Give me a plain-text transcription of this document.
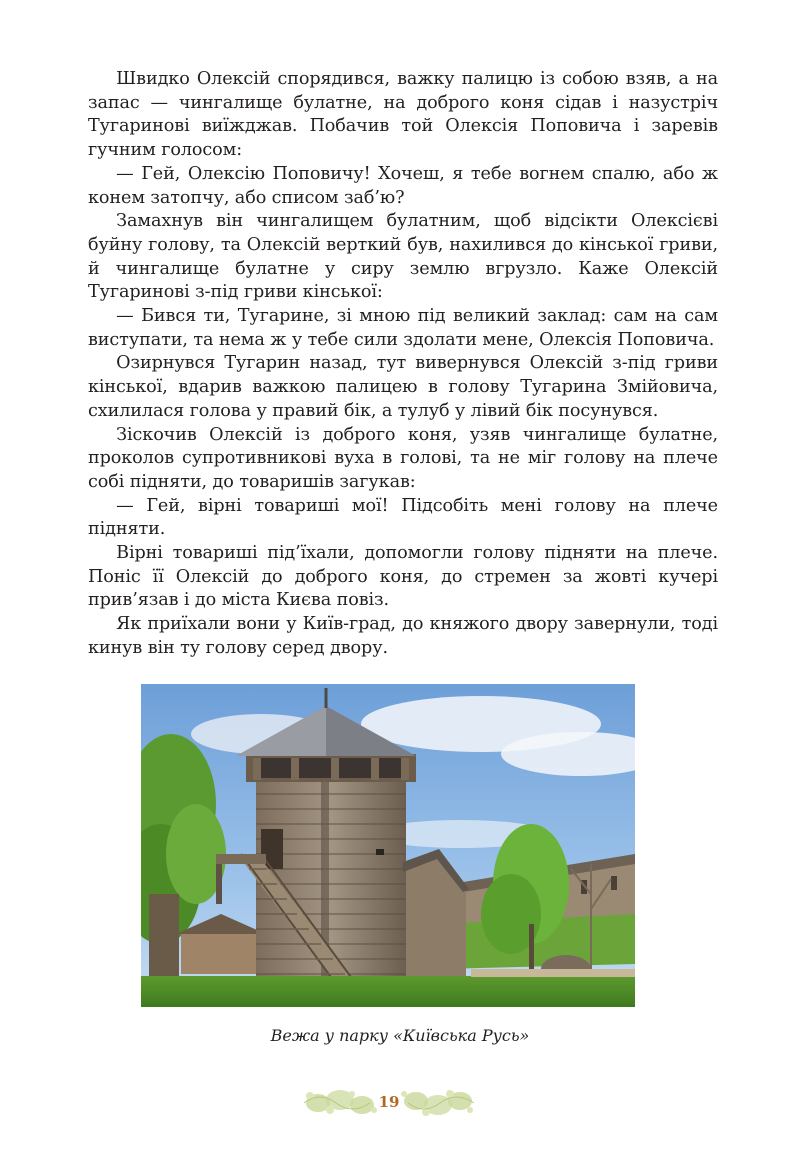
Швидко Олексій спорядився, важку палицю із собою взяв, а на запас — чингалище булатне, на доброго коня сідав і назустріч Тугаринові виїжджав. Побачив той Олексія Поповича і заревів гучним голосом:

— Гей, Олексію Поповичу! Хочеш, я тебе вогнем спалю, або ж конем затопчу, або списом заб’ю?

Замахнув він чингалищем булатним, щоб відсікти Олексієві буйну голову, та Олексій верткий був, нахилився до кінської гриви, й чингалище булатне у сиру землю вгрузло. Каже Олексій Тугаринові з-під гриви кінської:

— Бився ти, Тугарине, зі мною під великий заклад: сам на сам виступати, та нема ж у тебе сили здолати мене, Олексія Поповича.

Озирнувся Тугарин назад, тут вивернувся Олексій з-під гриви кінської, вдарив важкою палицею в голову Тугарина Змійовича, схилилася голова у правий бік, а тулуб у лівий бік посунувся.

Зіскочив Олексій із доброго коня, узяв чингалище булатне, проколов супротивникові вуха в голові, та не міг голову на плече собі підняти, до товаришів загукав:

— Гей, вірні товариші мої! Підсобіть мені голову на плече підняти.

Вірні товариші під’їхали, допомогли голову підняти на плече. Поніс її Олексій до доброго коня, до стремен за жовті кучері прив’язав і до міста Києва повіз.

Як приїхали вони у Київ-град, до княжого двору завернули, тоді кинув він ту голову серед двору.

Вежа у парку «Київська Русь»
19
